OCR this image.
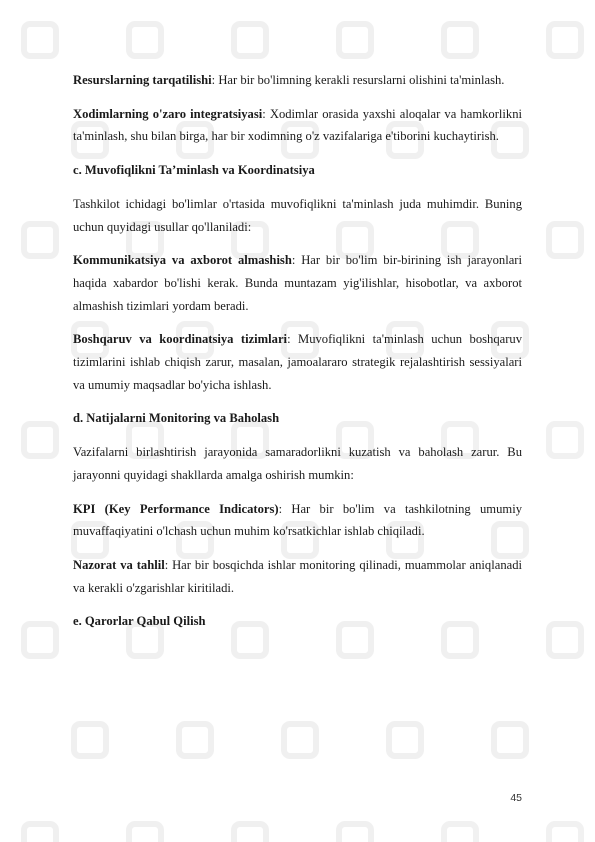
Resurslarning tarqatilishi: Har bir bo'limning kerakli resurslarni olishini ta'minlash.

Xodimlarning o'zaro integratsiyasi: Xodimlar orasida yaxshi aloqalar va hamkorlikni ta'minlash, shu bilan birga, har bir xodimning o'z vazifalariga e'tiborini kuchaytirish.

c. Muvofiqlikni Ta’minlash va Koordinatsiya

Tashkilot ichidagi bo'limlar o'rtasida muvofiqlikni ta'minlash juda muhimdir. Buning uchun quyidagi usullar qo'llaniladi:

Kommunikatsiya va axborot almashish: Har bir bo'lim bir-birining ish jarayonlari haqida xabardor bo'lishi kerak. Bunda muntazam yig'ilishlar, hisobotlar, va axborot almashish tizimlari yordam beradi.

Boshqaruv va koordinatsiya tizimlari: Muvofiqlikni ta'minlash uchun boshqaruv tizimlarini ishlab chiqish zarur, masalan, jamoalararo strategik rejalashtirish sessiyalari va umumiy maqsadlar bo'yicha ishlash.

d. Natijalarni Monitoring va Baholash

Vazifalarni birlashtirish jarayonida samaradorlikni kuzatish va baholash zarur. Bu jarayonni quyidagi shakllarda amalga oshirish mumkin:

KPI (Key Performance Indicators): Har bir bo'lim va tashkilotning umumiy muvaffaqiyatini o'lchash uchun muhim ko'rsatkichlar ishlab chiqiladi.

Nazorat va tahlil: Har bir bosqichda ishlar monitoring qilinadi, muammolar aniqlanadi va kerakli o'zgarishlar kiritiladi.

e. Qarorlar Qabul Qilish
45
